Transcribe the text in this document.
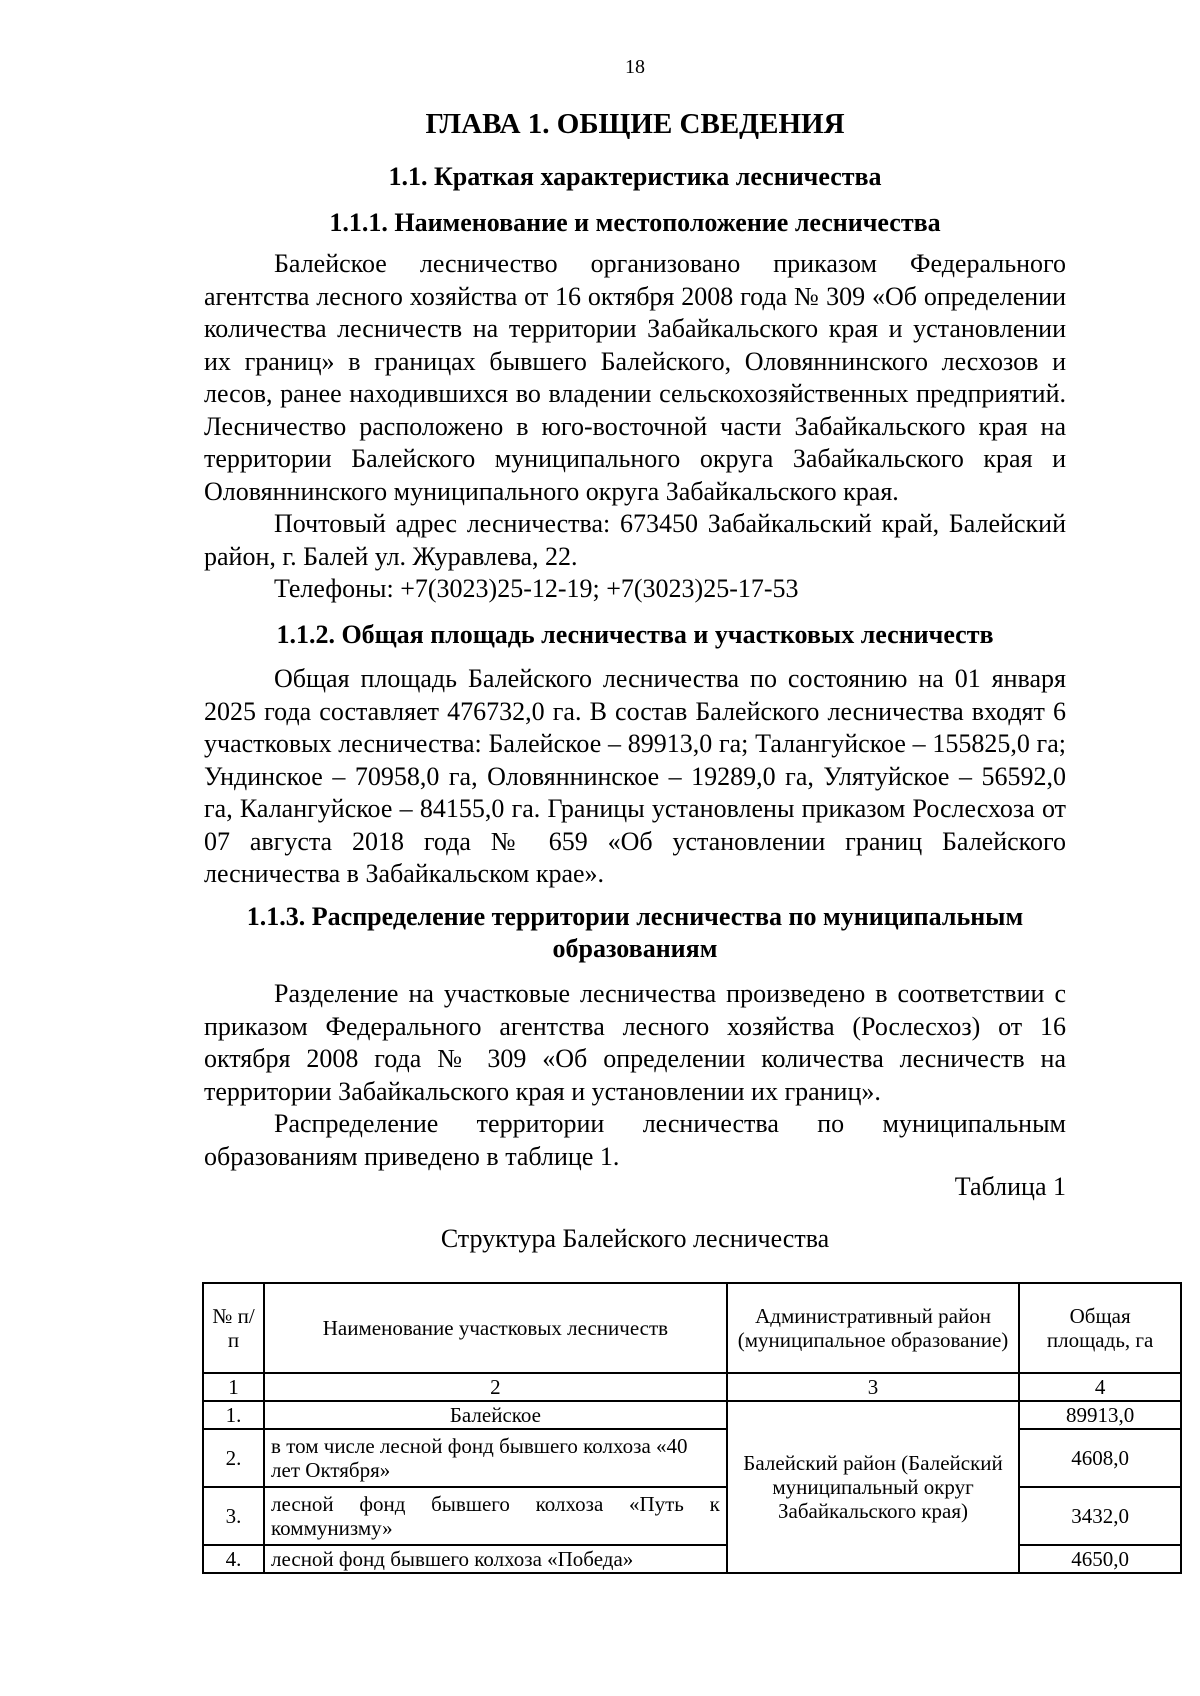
18
ГЛАВА 1. ОБЩИЕ СВЕДЕНИЯ
1.1. Краткая характеристика лесничества
1.1.1. Наименование и местоположение лесничества

Балейское лесничество организовано приказом Федерального агентства лесного хозяйства от 16 октября 2008 года № 309 «Об определении количества лесничеств на территории Забайкальского края и установлении их границ» в границах бывшего Балейского, Оловяннинского лесхозов и лесов, ранее находившихся во владении сельскохозяйственных предприятий. Лесничество расположено в юго-восточной части Забайкальского края на территории Балейского муниципального округа Забайкальского края и Оловяннинского муниципального округа Забайкальского края.

Почтовый адрес лесничества: 673450 Забайкальский край, Балейский район, г. Балей ул. Журавлева, 22.

Телефоны: +7(3023)25-12-19; +7(3023)25-17-53

1.1.2. Общая площадь лесничества и участковых лесничеств

Общая площадь Балейского лесничества по состоянию на 01 января 2025 года составляет 476732,0 га. В состав Балейского лесничества входят 6 участковых лесничества: Балейское – 89913,0 га; Талангуйское – 155825,0 га; Ундинское – 70958,0 га, Оловяннинское – 19289,0 га, Улятуйское – 56592,0 га, Калангуйское – 84155,0 га. Границы установлены приказом Рослесхоза от 07 августа 2018 года № 659 «Об установлении границ Балейского лесничества в Забайкальском крае».

1.1.3. Распределение территории лесничества по муниципальным
образованиям

Разделение на участковые лесничества произведено в соответствии с приказом Федерального агентства лесного хозяйства (Рослесхоз) от 16 октября 2008 года № 309 «Об определении количества лесничеств на территории Забайкальского края и установлении их границ».

Распределение территории лесничества по муниципальным образованиям приведено в таблице 1.

Таблица 1
Структура Балейского лесничества
№ п/п	Наименование участковых лесничеств	Административный район (муниципальное образование)	Общая площадь, га
1	2	3	4
1.	Балейское	Балейский район (Балейский муниципальный округ Забайкальского края)	89913,0
2.	в том числе лесной фонд бывшего колхоза «40 лет Октября»		4608,0
3.	лесной фонд бывшего колхоза «Путь к коммунизму»		3432,0
4.	лесной фонд бывшего колхоза «Победа»		4650,0
